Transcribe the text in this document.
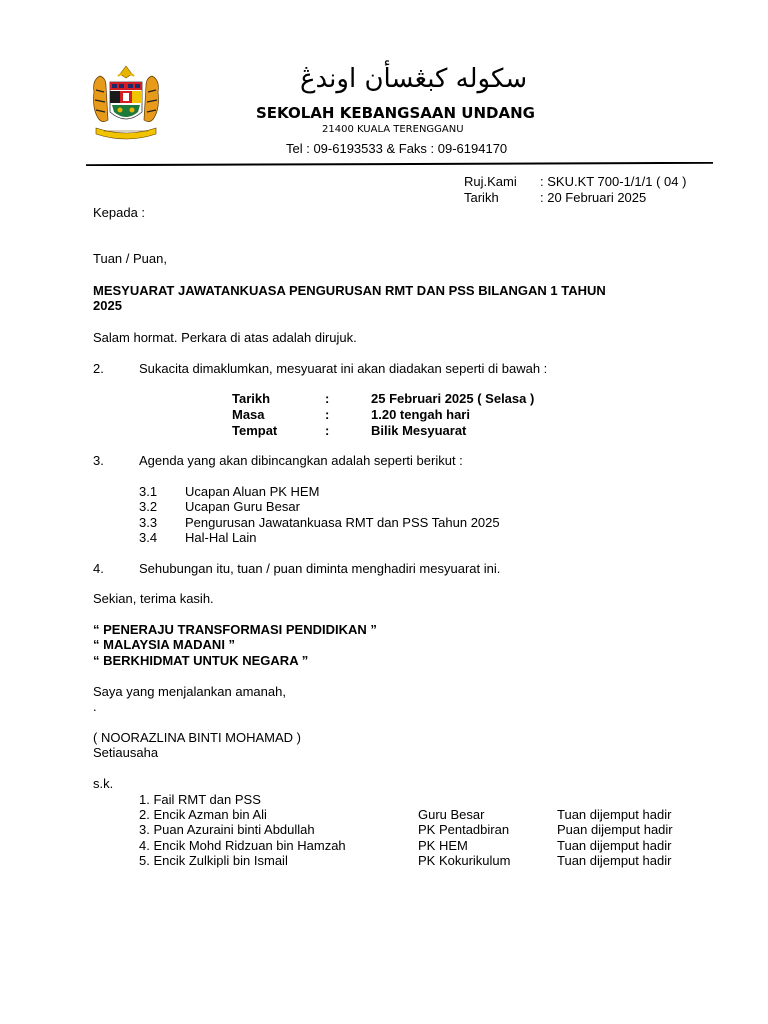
سكوله كبڠسأن اوندڠ
SEKOLAH KEBANGSAAN UNDANG
21400 KUALA TERENGGANU
Tel : 09-6193533 & Faks : 09-6194170
Ruj.Kami : SKU.KT 700-1/1/1 ( 04 )
Tarikh	: 20 Februari 2025
Kepada :
Tuan / Puan,
MESYUARAT JAWATANKUASA PENGURUSAN RMT DAN PSS BILANGAN 1 TAHUN
2025
Salam hormat. Perkara di atas adalah dirujuk.
2.	Sukacita dimaklumkan, mesyuarat ini akan diadakan seperti di bawah :
Tarikh	:	25 Februari 2025 ( Selasa )
Masa	:	1.20 tengah hari
Tempat	:	Bilik Mesyuarat
3.	Agenda yang akan dibincangkan adalah seperti berikut :
3.1 Ucapan Aluan PK HEM
3.2 Ucapan Guru Besar
3.3 Pengurusan Jawatankuasa RMT dan PSS Tahun 2025
3.4 Hal-Hal Lain
4.	Sehubungan itu, tuan / puan diminta menghadiri mesyuarat ini.
Sekian, terima kasih.
“ PENERAJU TRANSFORMASI PENDIDIKAN ”
“ MALAYSIA MADANI ”
“ BERKHIDMAT UNTUK NEGARA ”
Saya yang menjalankan amanah,
.
( NOORAZLINA BINTI MOHAMAD )
Setiausaha
s.k.
1. Fail RMT dan PSS
2. Encik Azman bin Ali	Guru Besar	Tuan dijemput hadir
3. Puan Azuraini binti Abdullah	PK Pentadbiran	Puan dijemput hadir
4. Encik Mohd Ridzuan bin Hamzah	PK HEM	Tuan dijemput hadir
5. Encik Zulkipli bin Ismail	PK Kokurikulum	Tuan dijemput hadir
